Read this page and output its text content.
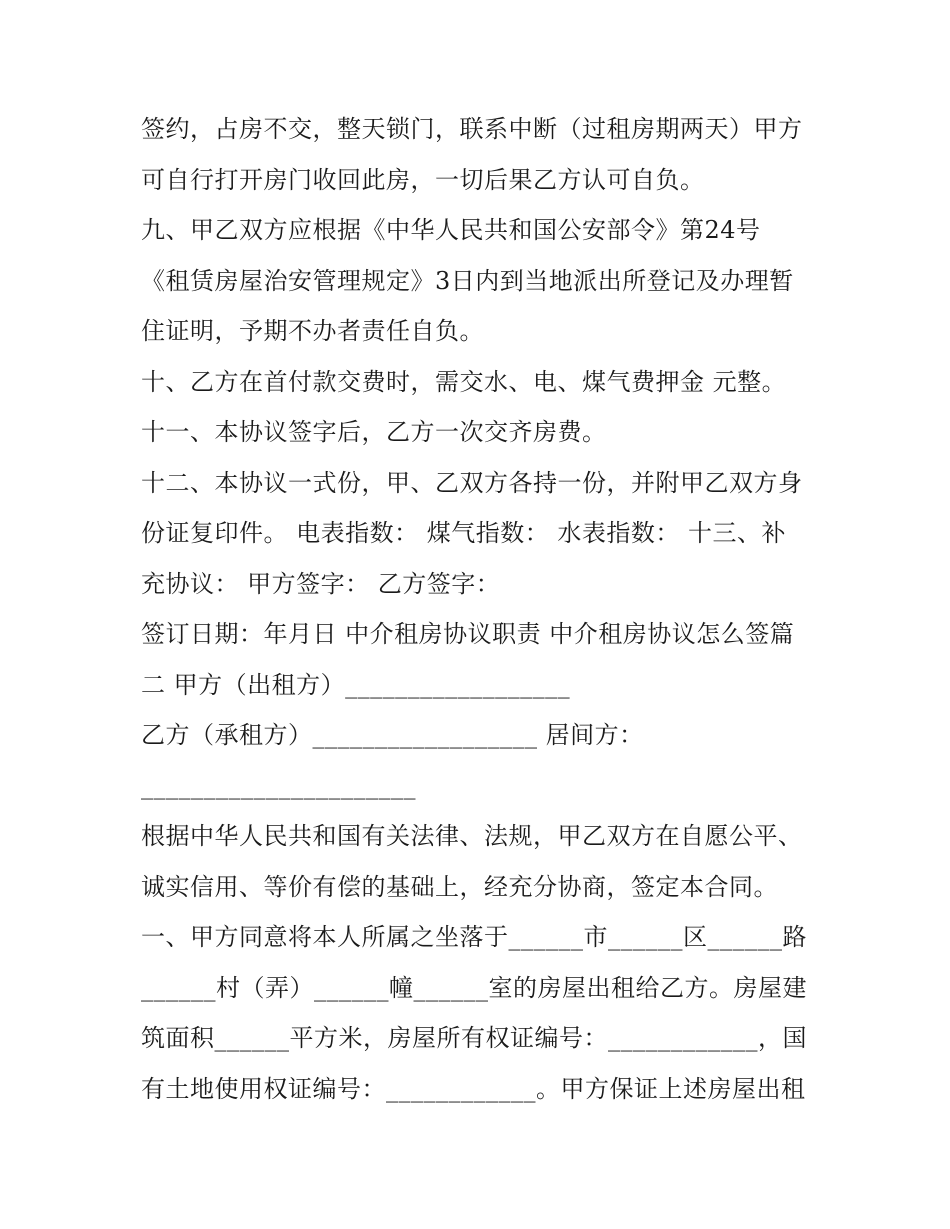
签约，占房不交，整天锁门，联系中断（过租房期两天）甲方
可自行打开房门收回此房，一切后果乙方认可自负。
九、甲乙双方应根据《中华人民共和国公安部令》第24号
《租赁房屋治安管理规定》3日内到当地派出所登记及办理暂
住证明，予期不办者责任自负。
十、乙方在首付款交费时，需交水、电、煤气费押金 元整。
十一、本协议签字后，乙方一次交齐房费。
十二、本协议一式份，甲、乙双方各持一份，并附甲乙双方身
份证复印件。 电表指数： 煤气指数： 水表指数： 十三、补
充协议： 甲方签字： 乙方签字：
签订日期：年月日 中介租房协议职责 中介租房协议怎么签篇
二 甲方（出租方）__________________
乙方（承租方）__________________ 居间方：
______________________
根据中华人民共和国有关法律、法规，甲乙双方在自愿公平、
诚实信用、等价有偿的基础上，经充分协商，签定本合同。
一、甲方同意将本人所属之坐落于______市______区______路
______村（弄）______幢______室的房屋出租给乙方。房屋建
筑面积______平方米，房屋所有权证编号：____________，国
有土地使用权证编号：____________。甲方保证上述房屋出租
